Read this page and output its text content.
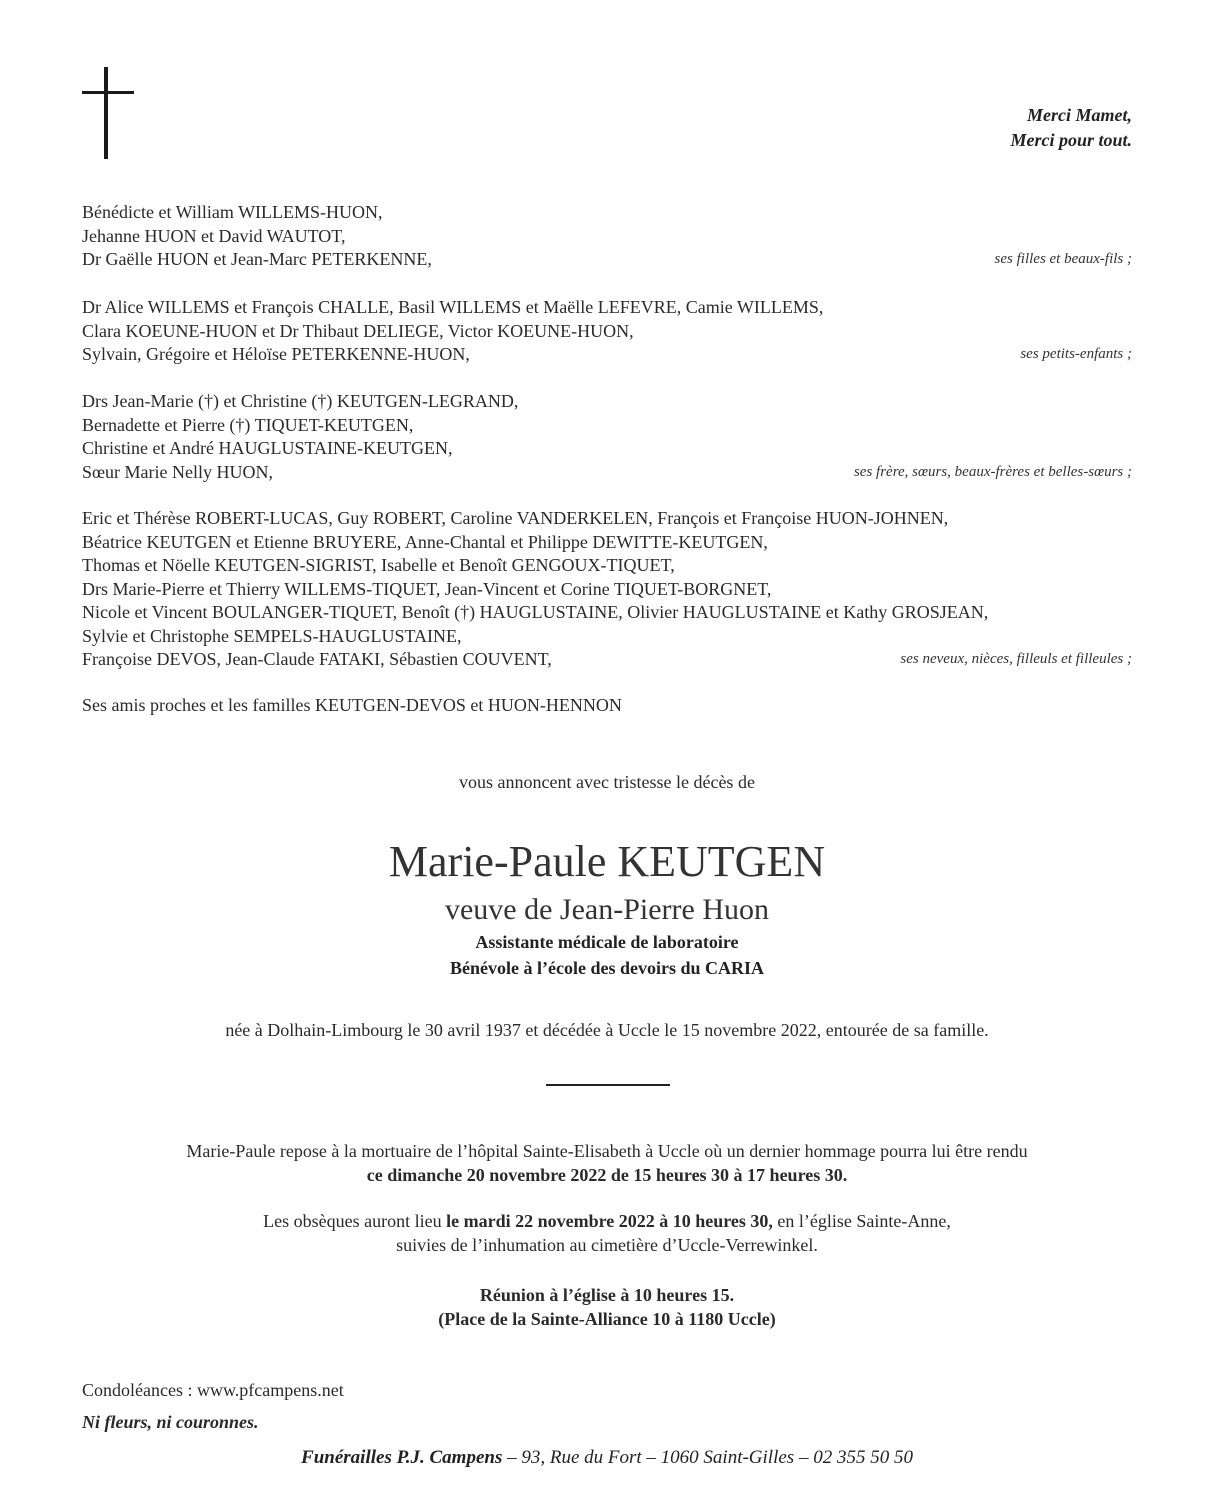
Merci Mamet,
Merci pour tout.
Bénédicte et William WILLEMS-HUON,
Jehanne HUON et David WAUTOT,
Dr Gaëlle HUON et Jean-Marc PETERKENNE,	ses filles et beaux-fils ;
Dr Alice WILLEMS et François CHALLE, Basil WILLEMS et Maëlle LEFEVRE, Camie WILLEMS,
Clara KOEUNE-HUON et Dr Thibaut DELIEGE, Victor KOEUNE-HUON,
Sylvain, Grégoire et Héloïse PETERKENNE-HUON,	ses petits-enfants ;
Drs Jean-Marie (†) et Christine (†) KEUTGEN-LEGRAND,
Bernadette et Pierre (†) TIQUET-KEUTGEN,
Christine et André HAUGLUSTAINE-KEUTGEN,
Sœur Marie Nelly HUON,	ses frère, sœurs, beaux-frères et belles-sœurs ;
Eric et Thérèse ROBERT-LUCAS, Guy ROBERT, Caroline VANDERKELEN, François et Françoise HUON-JOHNEN,
Béatrice KEUTGEN et Etienne BRUYERE, Anne-Chantal et Philippe DEWITTE-KEUTGEN,
Thomas et Nöelle KEUTGEN-SIGRIST, Isabelle et Benoît GENGOUX-TIQUET,
Drs Marie-Pierre et Thierry WILLEMS-TIQUET, Jean-Vincent et Corine TIQUET-BORGNET,
Nicole et Vincent BOULANGER-TIQUET, Benoît (†) HAUGLUSTAINE, Olivier HAUGLUSTAINE et Kathy GROSJEAN,
Sylvie et Christophe SEMPELS-HAUGLUSTAINE,
Françoise DEVOS, Jean-Claude FATAKI, Sébastien COUVENT,	ses neveux, nièces, filleuls et filleules ;
Ses amis proches et les familles KEUTGEN-DEVOS et HUON-HENNON
vous annoncent avec tristesse le décès de
Marie-Paule KEUTGEN
veuve de Jean-Pierre Huon
Assistante médicale de laboratoire
Bénévole à l’école des devoirs du CARIA
née à Dolhain-Limbourg le 30 avril 1937 et décédée à Uccle le 15 novembre 2022, entourée de sa famille.
Marie-Paule repose à la mortuaire de l’hôpital Sainte-Elisabeth à Uccle où un dernier hommage pourra lui être rendu
ce dimanche 20 novembre 2022 de 15 heures 30 à 17 heures 30.
Les obsèques auront lieu le mardi 22 novembre 2022 à 10 heures 30, en l’église Sainte-Anne,
suivies de l’inhumation au cimetière d’Uccle-Verrewinkel.
Réunion à l’église à 10 heures 15.
(Place de la Sainte-Alliance 10 à 1180 Uccle)
Condoléances : www.pfcampens.net
Ni fleurs, ni couronnes.
Funérailles P.J. Campens – 93, Rue du Fort – 1060 Saint-Gilles – 02 355 50 50
